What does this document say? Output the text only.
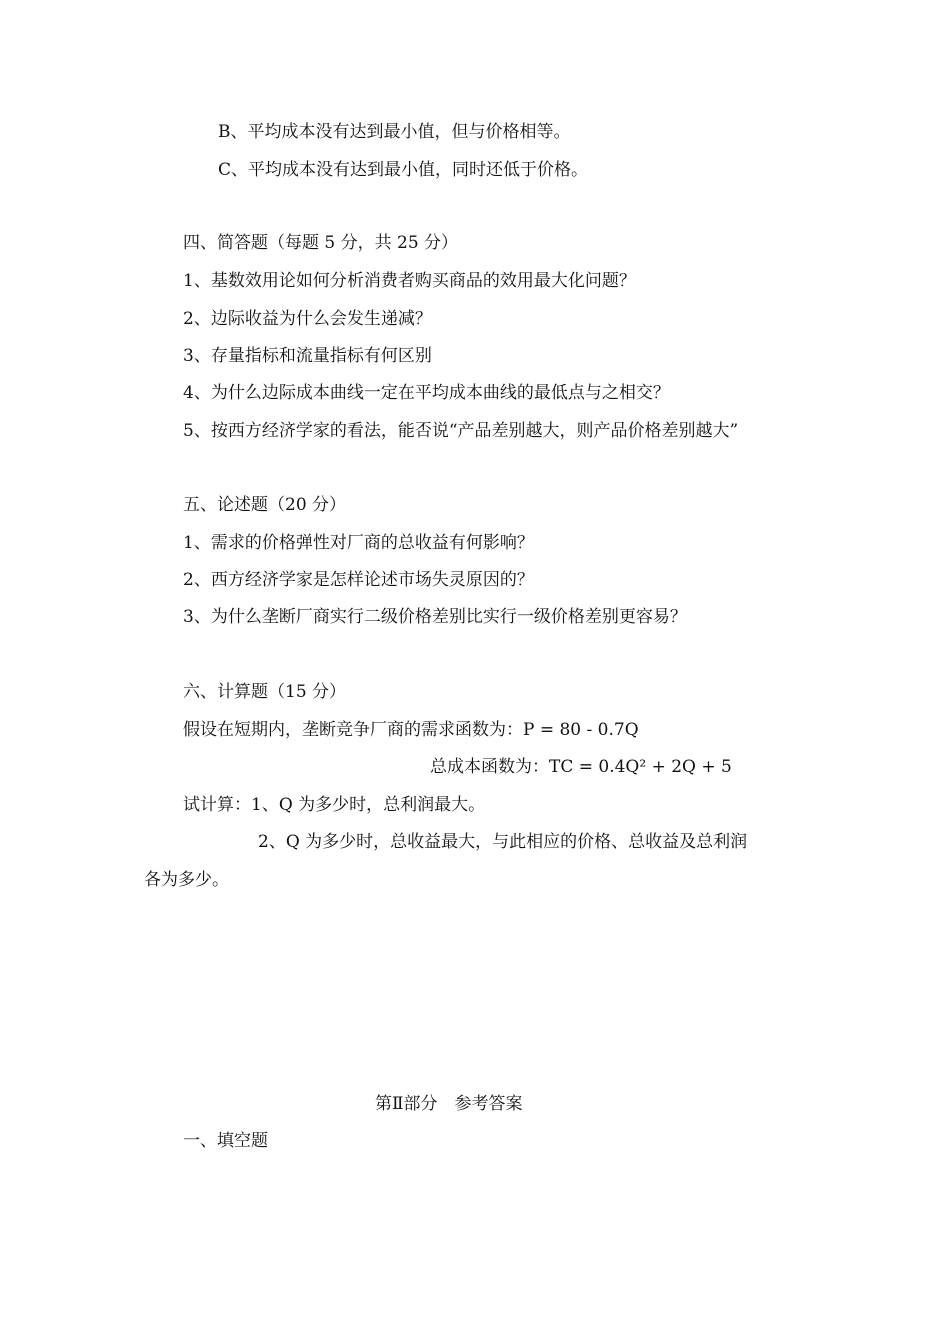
B、平均成本没有达到最小值，但与价格相等。
C、平均成本没有达到最小值，同时还低于价格。
四、简答题（每题 5 分，共 25 分）
1、基数效用论如何分析消费者购买商品的效用最大化问题？
2、边际收益为什么会发生递减？
3、存量指标和流量指标有何区别
4、为什么边际成本曲线一定在平均成本曲线的最低点与之相交？
5、按西方经济学家的看法，能否说“产品差别越大，则产品价格差别越大”
五、论述题（20 分）
1、需求的价格弹性对厂商的总收益有何影响？
2、西方经济学家是怎样论述市场失灵原因的？
3、为什么垄断厂商实行二级价格差别比实行一级价格差别更容易？
六、计算题（15 分）
假设在短期内，垄断竞争厂商的需求函数为：P = 80 - 0.7Q
总成本函数为：TC = 0.4Q² + 2Q + 5
试计算：1、Q 为多少时，总利润最大。
2、Q 为多少时，总收益最大，与此相应的价格、总收益及总利润
各为多少。
第Ⅱ部分　参考答案
一、填空题
